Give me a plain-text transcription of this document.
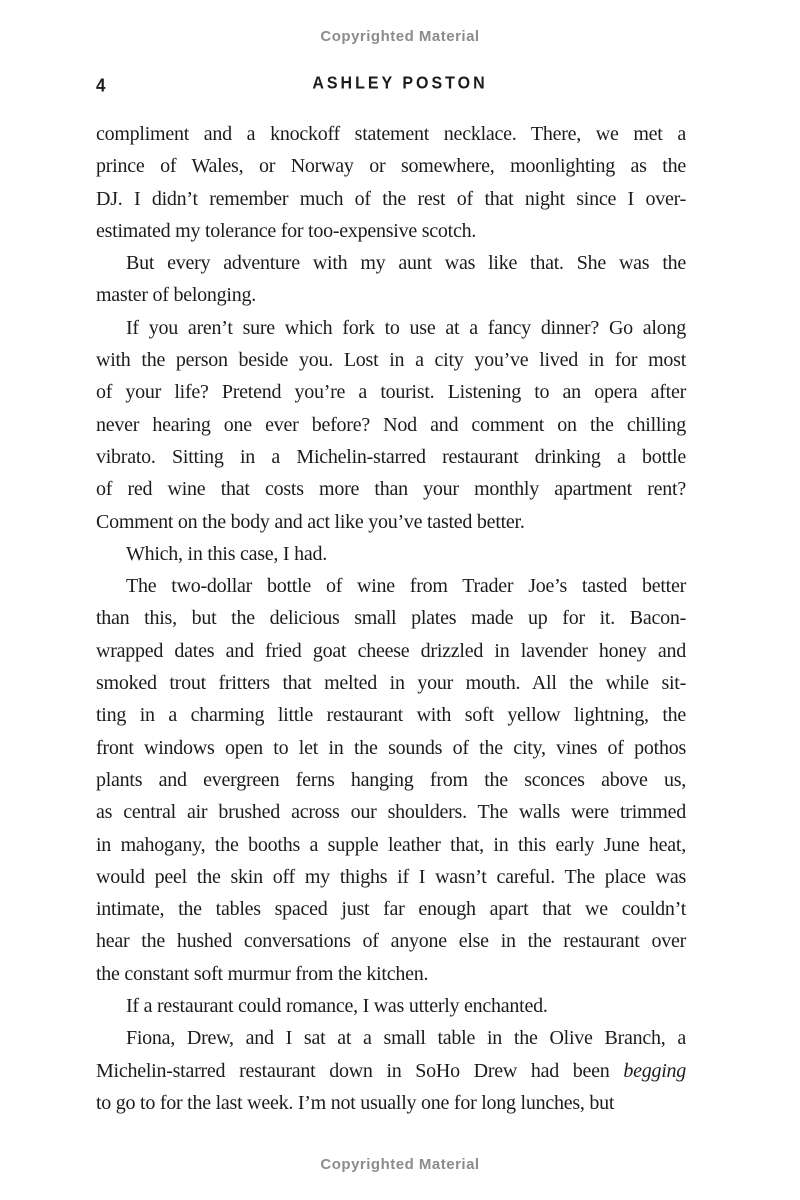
Copyrighted Material
4	ASHLEY POSTON
compliment and a knockoff statement necklace. There, we met a
prince of Wales, or Norway or somewhere, moonlighting as the
DJ. I didn’t remember much of the rest of that night since I over-
estimated my tolerance for too-expensive scotch.
But every adventure with my aunt was like that. She was the
master of belonging.
If you aren’t sure which fork to use at a fancy dinner? Go along
with the person beside you. Lost in a city you’ve lived in for most
of your life? Pretend you’re a tourist. Listening to an opera after
never hearing one ever before? Nod and comment on the chilling
vibrato. Sitting in a Michelin-starred restaurant drinking a bottle
of red wine that costs more than your monthly apartment rent?
Comment on the body and act like you’ve tasted better.
Which, in this case, I had.
The two-dollar bottle of wine from Trader Joe’s tasted better
than this, but the delicious small plates made up for it. Bacon-
wrapped dates and fried goat cheese drizzled in lavender honey and
smoked trout fritters that melted in your mouth. All the while sit-
ting in a charming little restaurant with soft yellow lightning, the
front windows open to let in the sounds of the city, vines of pothos
plants and evergreen ferns hanging from the sconces above us,
as central air brushed across our shoulders. The walls were trimmed
in mahogany, the booths a supple leather that, in this early June heat,
would peel the skin off my thighs if I wasn’t careful. The place was
intimate, the tables spaced just far enough apart that we couldn’t
hear the hushed conversations of anyone else in the restaurant over
the constant soft murmur from the kitchen.
If a restaurant could romance, I was utterly enchanted.
Fiona, Drew, and I sat at a small table in the Olive Branch, a
Michelin-starred restaurant down in SoHo Drew had been begging
to go to for the last week. I’m not usually one for long lunches, but
Copyrighted Material
